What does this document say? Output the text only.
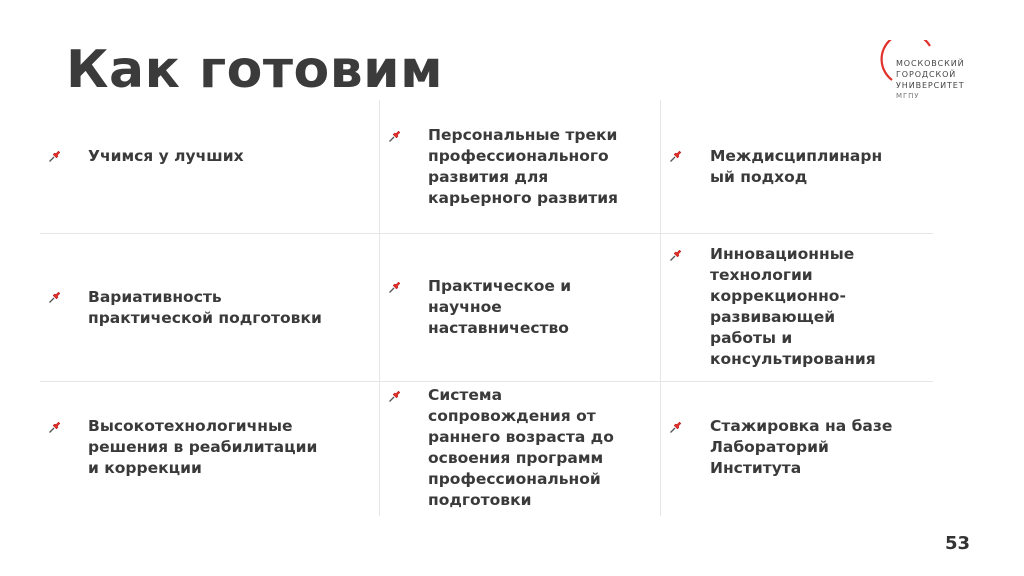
Как готовим	МОСКОВСКИЙ
ГОРОДСКОЙ
УНИВЕРСИТЕТ
МГПУ
Учимся у лучших
Персональные треки
профессионального
развития для
карьерного развития
Междисциплинарн
ый подход
Вариативность
практической подготовки
Практическое и
научное
наставничество
Инновационные
технологии
коррекционно-
развивающей
работы и
консультирования
Высокотехнологичные
решения в реабилитации
и коррекции
Система
сопровождения от
раннего возраста до
освоения программ
профессиональной
подготовки
Стажировка на базе
Лабораторий
Института
53
